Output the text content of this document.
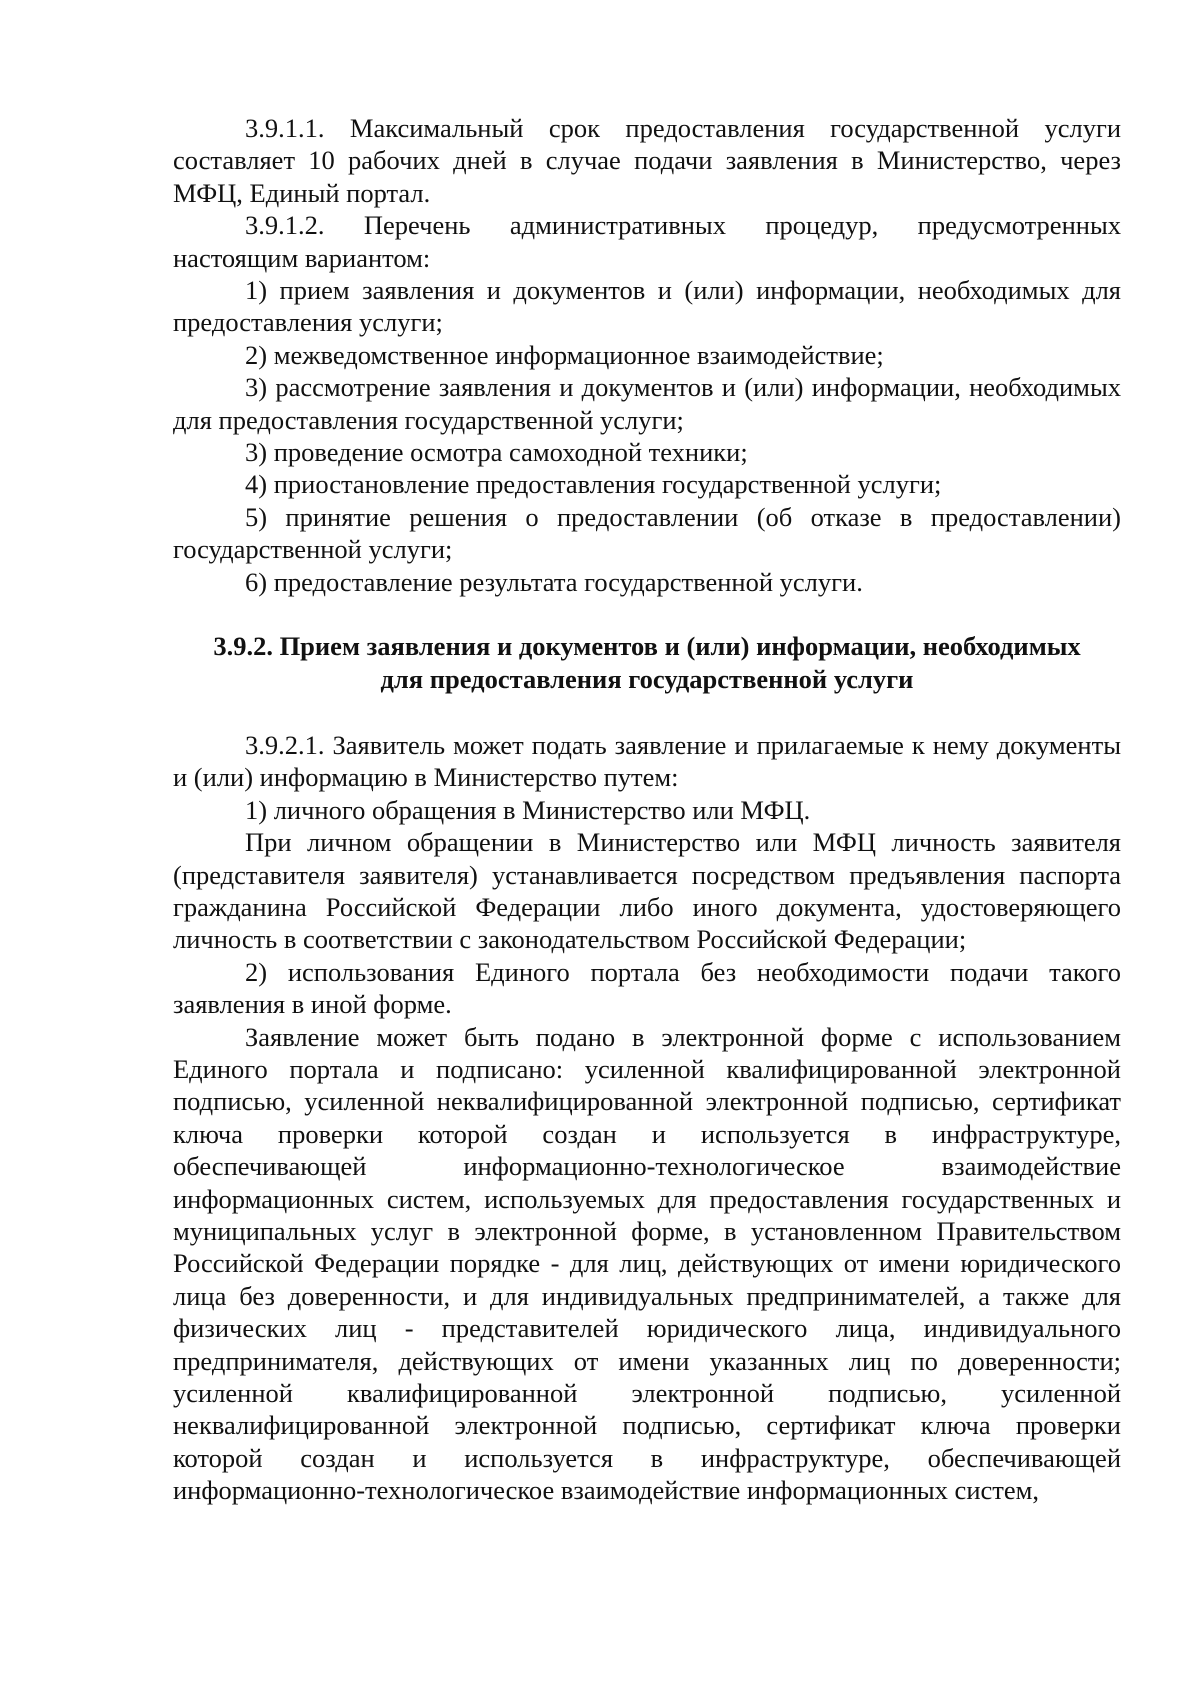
3.9.1.1. Максимальный срок предоставления государственной услуги составляет 10 рабочих дней в случае подачи заявления в Министерство, через МФЦ, Единый портал.

3.9.1.2. Перечень административных процедур, предусмотренных настоящим вариантом:

1) прием заявления и документов и (или) информации, необходимых для предоставления услуги;

2) межведомственное информационное взаимодействие;

3) рассмотрение заявления и документов и (или) информации, необходимых для предоставления государственной услуги;

3) проведение осмотра самоходной техники;

4) приостановление предоставления государственной услуги;

5) принятие решения о предоставлении (об отказе в предоставлении) государственной услуги;

6) предоставление результата государственной услуги.

3.9.2. Прием заявления и документов и (или) информации, необходимых
для предоставления государственной услуги

3.9.2.1. Заявитель может подать заявление и прилагаемые к нему документы и (или) информацию в Министерство путем:

1) личного обращения в Министерство или МФЦ.

При личном обращении в Министерство или МФЦ личность заявителя (представителя заявителя) устанавливается посредством предъявления паспорта гражданина Российской Федерации либо иного документа, удостоверяющего личность в соответствии с законодательством Российской Федерации;

2) использования Единого портала без необходимости подачи такого заявления в иной форме.

Заявление может быть подано в электронной форме с использованием Единого портала и подписано: усиленной квалифицированной электронной подписью, усиленной неквалифицированной электронной подписью, сертификат ключа проверки которой создан и используется в инфраструктуре, обеспечивающей информационно-технологическое взаимодействие информационных систем, используемых для предоставления государственных и муниципальных услуг в электронной форме, в установленном Правительством Российской Федерации порядке - для лиц, действующих от имени юридического лица без доверенности, и для индивидуальных предпринимателей, а также для физических лиц - представителей юридического лица, индивидуального предпринимателя, действующих от имени указанных лиц по доверенности; усиленной квалифицированной электронной подписью, усиленной неквалифицированной электронной подписью, сертификат ключа проверки которой создан и используется в инфраструктуре, обеспечивающей информационно-технологическое взаимодействие информационных систем,
